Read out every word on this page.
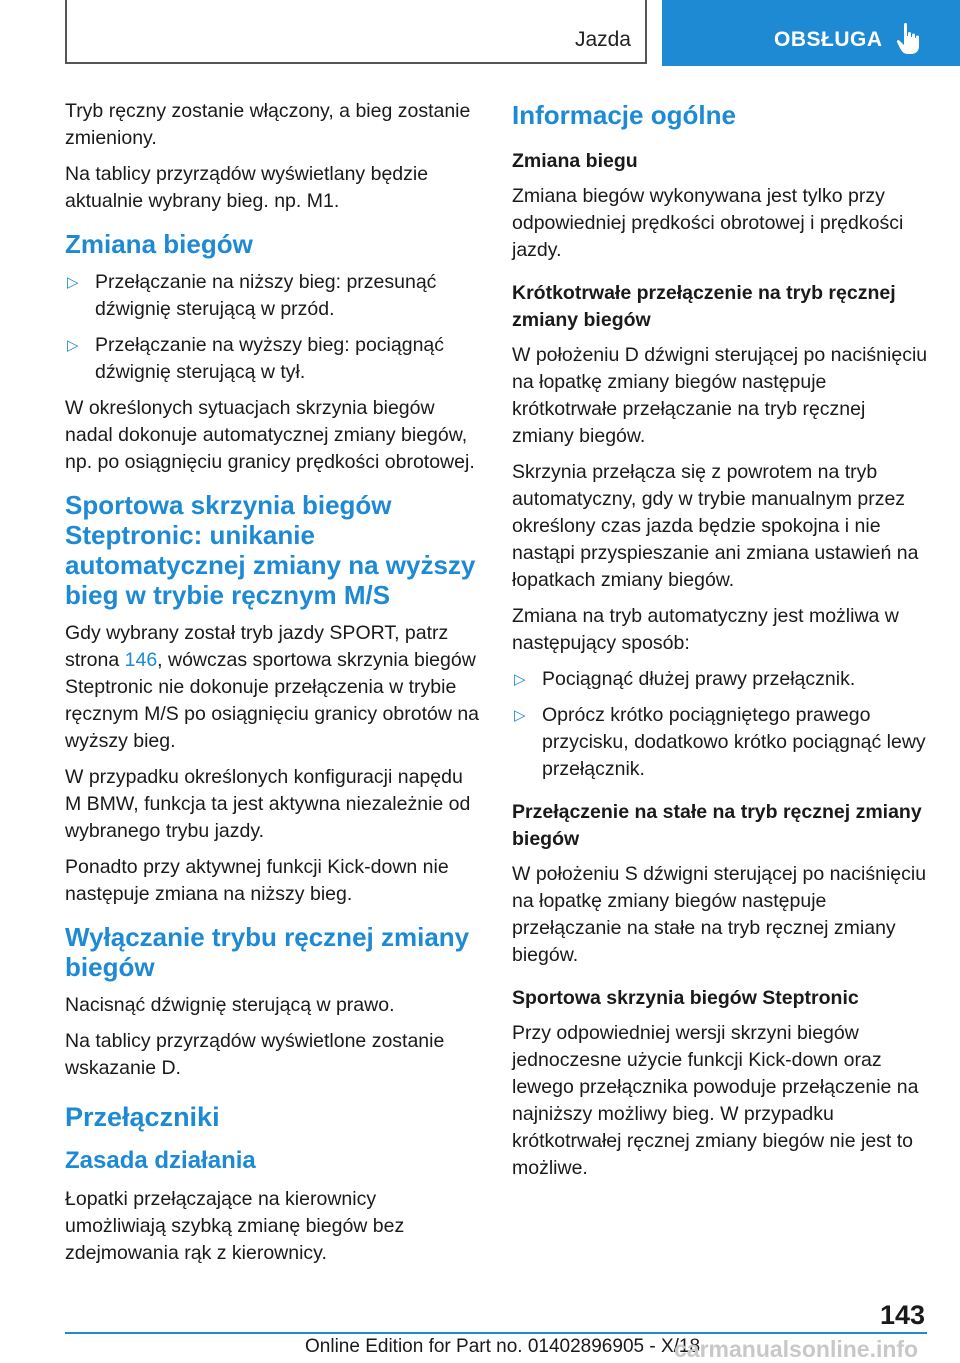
Jazda	OBSŁUGA

Tryb ręczny zostanie włączony, a bieg zostanie zmieniony.

Na tablicy przyrządów wyświetlany będzie aktualnie wybrany bieg. np. M1.

Zmiana biegów
▷ Przełączanie na niższy bieg: przesunąć dźwignię sterującą w przód.
▷ Przełączanie na wyższy bieg: pociągnąć dźwignię sterującą w tył.

W określonych sytuacjach skrzynia biegów nadal dokonuje automatycznej zmiany biegów, np. po osiągnięciu granicy prędkości obrotowej.

Sportowa skrzynia biegów Steptronic: unikanie automatycznej zmiany na wyższy bieg w trybie ręcznym M/S

Gdy wybrany został tryb jazdy SPORT, patrz strona 146, wówczas sportowa skrzynia biegów Steptronic nie dokonuje przełączenia w trybie ręcznym M/S po osiągnięciu granicy obrotów na wyższy bieg.

W przypadku określonych konfiguracji napędu M BMW, funkcja ta jest aktywna niezależnie od wybranego trybu jazdy.

Ponadto przy aktywnej funkcji Kick-down nie następuje zmiana na niższy bieg.

Wyłączanie trybu ręcznej zmiany biegów

Nacisnąć dźwignię sterującą w prawo.

Na tablicy przyrządów wyświetlone zostanie wskazanie D.

Przełączniki
Zasada działania

Łopatki przełączające na kierownicy umożliwiają szybką zmianę biegów bez zdejmowania rąk z kierownicy.

Informacje ogólne
Zmiana biegu

Zmiana biegów wykonywana jest tylko przy odpowiedniej prędkości obrotowej i prędkości jazdy.

Krótkotrwałe przełączenie na tryb ręcznej zmiany biegów

W położeniu D dźwigni sterującej po naciśnięciu na łopatkę zmiany biegów następuje krótkotrwałe przełączanie na tryb ręcznej zmiany biegów.

Skrzynia przełącza się z powrotem na tryb automatyczny, gdy w trybie manualnym przez określony czas jazda będzie spokojna i nie nastąpi przyspieszanie ani zmiana ustawień na łopatkach zmiany biegów.

Zmiana na tryb automatyczny jest możliwa w następujący sposób:

▷ Pociągnąć dłużej prawy przełącznik.
▷ Oprócz krótko pociągniętego prawego przycisku, dodatkowo krótko pociągnąć lewy przełącznik.
Przełączenie na stałe na tryb ręcznej zmiany biegów

W położeniu S dźwigni sterującej po naciśnięciu na łopatkę zmiany biegów następuje przełączanie na stałe na tryb ręcznej zmiany biegów.

Sportowa skrzynia biegów Steptronic

Przy odpowiedniej wersji skrzyni biegów jednoczesne użycie funkcji Kick-down oraz lewego przełącznika powoduje przełączenie na najniższy możliwy bieg. W przypadku krótkotrwałej ręcznej zmiany biegów nie jest to możliwe.

143
Online Edition for Part no. 01402896905 - X/18
carmanualsonline.info
